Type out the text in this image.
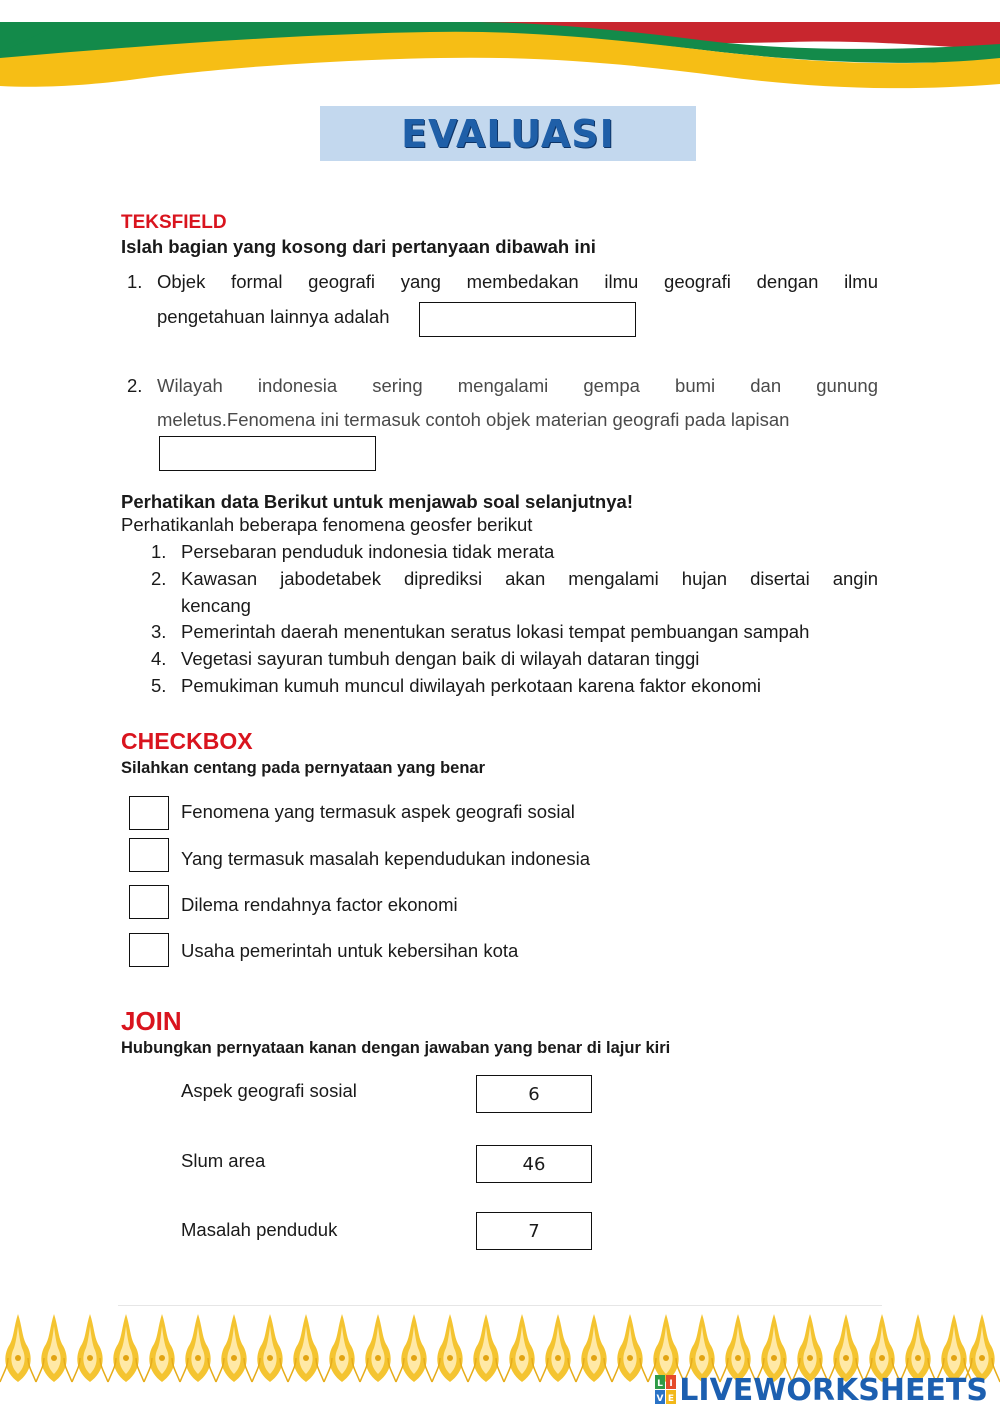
EVALUASI
TEKSFIELD
Islah bagian yang kosong dari pertanyaan dibawah ini
1. Objek formal geografi yang membedakan ilmu geografi dengan ilmu
pengetahuan lainnya adalah
2. Wilayah indonesia sering mengalami gempa bumi dan gunung
meletus.Fenomena ini termasuk contoh objek materian geografi pada lapisan
Perhatikan data Berikut untuk menjawab soal selanjutnya!
Perhatikanlah beberapa fenomena geosfer berikut
1. Persebaran penduduk indonesia tidak merata
2. Kawasan jabodetabek diprediksi akan mengalami hujan disertai angin
kencang
3. Pemerintah daerah menentukan seratus lokasi tempat pembuangan sampah
4. Vegetasi sayuran tumbuh dengan baik di wilayah dataran tinggi
5. Pemukiman kumuh muncul diwilayah perkotaan karena faktor ekonomi
CHECKBOX
Silahkan centang pada pernyataan yang benar
Fenomena yang termasuk aspek geografi sosial
Yang termasuk masalah kependudukan indonesia
Dilema rendahnya factor ekonomi
Usaha pemerintah untuk kebersihan kota
JOIN
Hubungkan pernyataan kanan dengan jawaban yang benar di lajur kiri
Aspek geografi sosial	6
Slum area	46
Masalah penduduk	7
L I
V E LIVEWORKSHEETS
